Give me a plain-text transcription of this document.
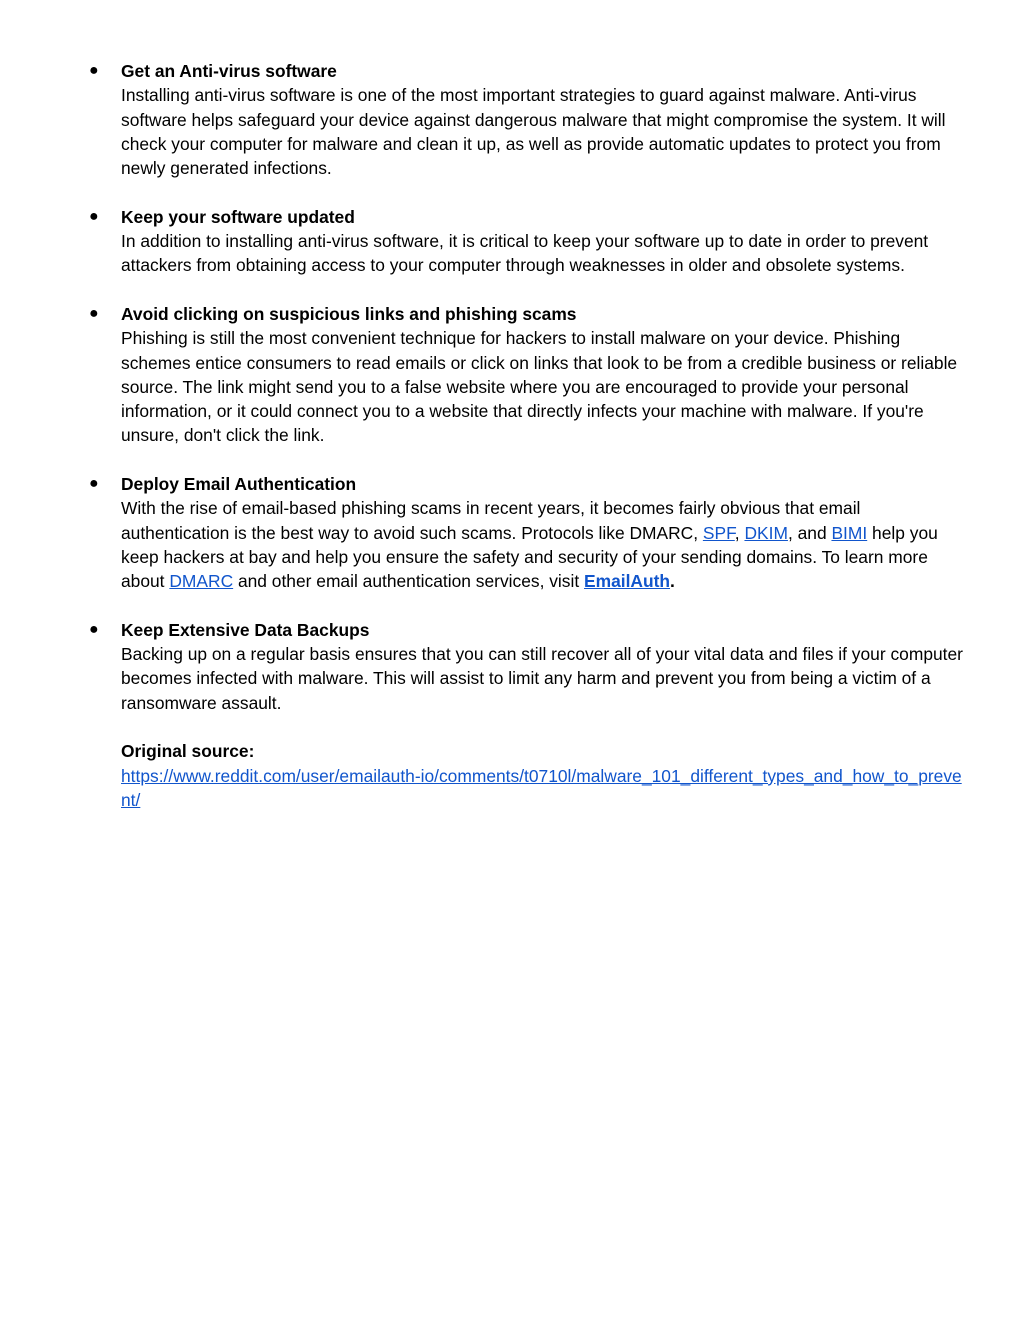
● Get an Anti-virus software
Installing anti-virus software is one of the most important strategies to guard against malware. Anti-virus software helps safeguard your device against dangerous malware that might compromise the system. It will check your computer for malware and clean it up, as well as provide automatic updates to protect you from newly generated infections.
● Keep your software updated
In addition to installing anti-virus software, it is critical to keep your software up to date in order to prevent attackers from obtaining access to your computer through weaknesses in older and obsolete systems.
● Avoid clicking on suspicious links and phishing scams
Phishing is still the most convenient technique for hackers to install malware on your device. Phishing schemes entice consumers to read emails or click on links that look to be from a credible business or reliable source. The link might send you to a false website where you are encouraged to provide your personal information, or it could connect you to a website that directly infects your machine with malware. If you're unsure, don't click the link.
● Deploy Email Authentication
With the rise of email-based phishing scams in recent years, it becomes fairly obvious that email authentication is the best way to avoid such scams. Protocols like DMARC, SPF, DKIM, and BIMI help you keep hackers at bay and help you ensure the safety and security of your sending domains. To learn more about DMARC and other email authentication services, visit EmailAuth.
● Keep Extensive Data Backups
Backing up on a regular basis ensures that you can still recover all of your vital data and files if your computer becomes infected with malware. This will assist to limit any harm and prevent you from being a victim of a ransomware assault.
Original source:
https://www.reddit.com/user/emailauth-io/comments/t0710l/malware_101_different_types_and_how_to_prevent/
